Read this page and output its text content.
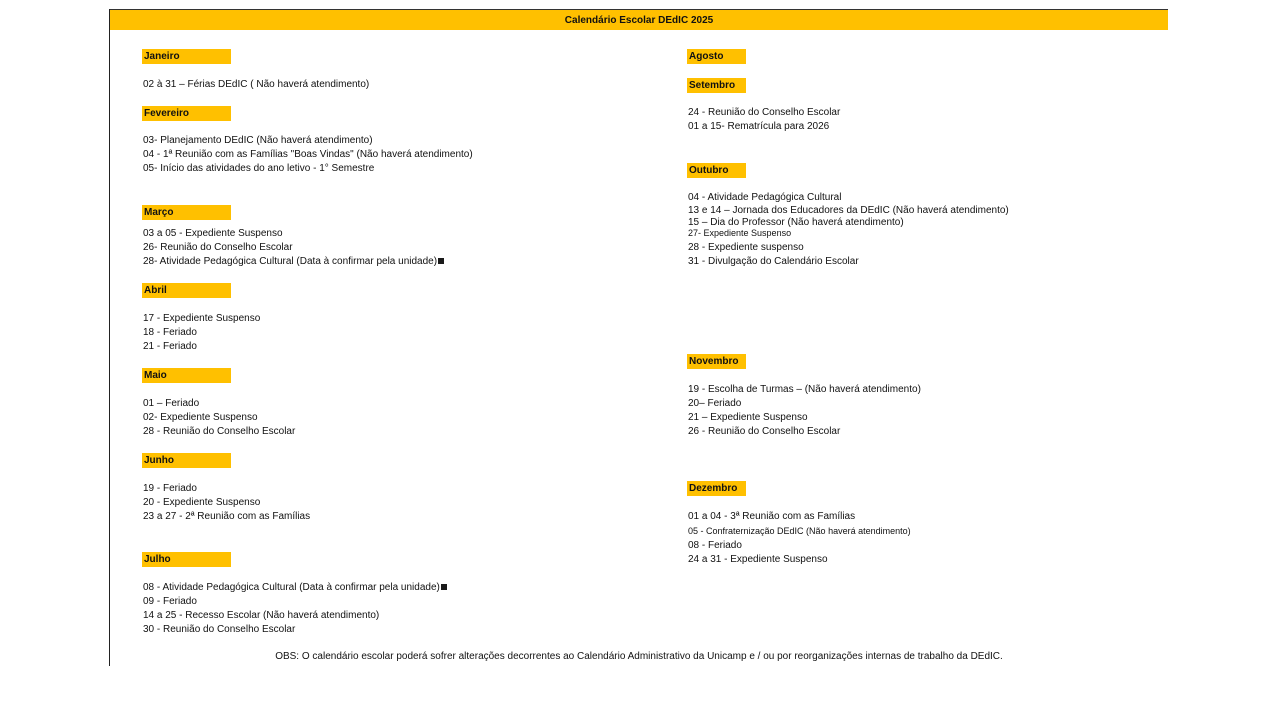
Calendário Escolar DEdIC 2025
Janeiro
02 à 31 – Férias DEdIC ( Não haverá atendimento)
Fevereiro
03- Planejamento DEdIC (Não haverá atendimento)
04 - 1ª Reunião com as Famílias "Boas Vindas" (Não haverá atendimento)
05- Início das atividades do ano letivo - 1° Semestre
Março
03 a 05 - Expediente Suspenso
26- Reunião do Conselho Escolar
28- Atividade Pedagógica Cultural (Data à confirmar pela unidade)
Abril
17 - Expediente Suspenso
18 - Feriado
21 - Feriado
Maio
01 – Feriado
02- Expediente Suspenso
28 - Reunião do Conselho Escolar
Junho
19 - Feriado
20 - Expediente Suspenso
23 a 27 - 2ª Reunião com as Famílias
Julho
08 - Atividade Pedagógica Cultural (Data à confirmar pela unidade)
09 - Feriado
14 a 25 - Recesso Escolar (Não haverá atendimento)
30 - Reunião do Conselho Escolar
Agosto
Setembro
24 - Reunião do Conselho Escolar
01 a 15- Rematrícula para 2026
Outubro
04 - Atividade Pedagógica Cultural
13 e 14 – Jornada dos Educadores da DEdIC (Não haverá atendimento)
15 – Dia do Professor (Não haverá atendimento)
27- Expediente Suspenso
28 - Expediente suspenso
31 - Divulgação do Calendário Escolar
Novembro
19 - Escolha de Turmas – (Não haverá atendimento)
20– Feriado
21 – Expediente Suspenso
26 - Reunião do Conselho Escolar
Dezembro
01 a 04 - 3ª Reunião com as Famílias
05 - Confraternização DEdIC (Não haverá atendimento)
08 - Feriado
24 a 31 - Expediente Suspenso
OBS: O calendário escolar poderá sofrer alterações decorrentes ao Calendário Administrativo da Unicamp e / ou por reorganizações internas de trabalho da DEdIC.
